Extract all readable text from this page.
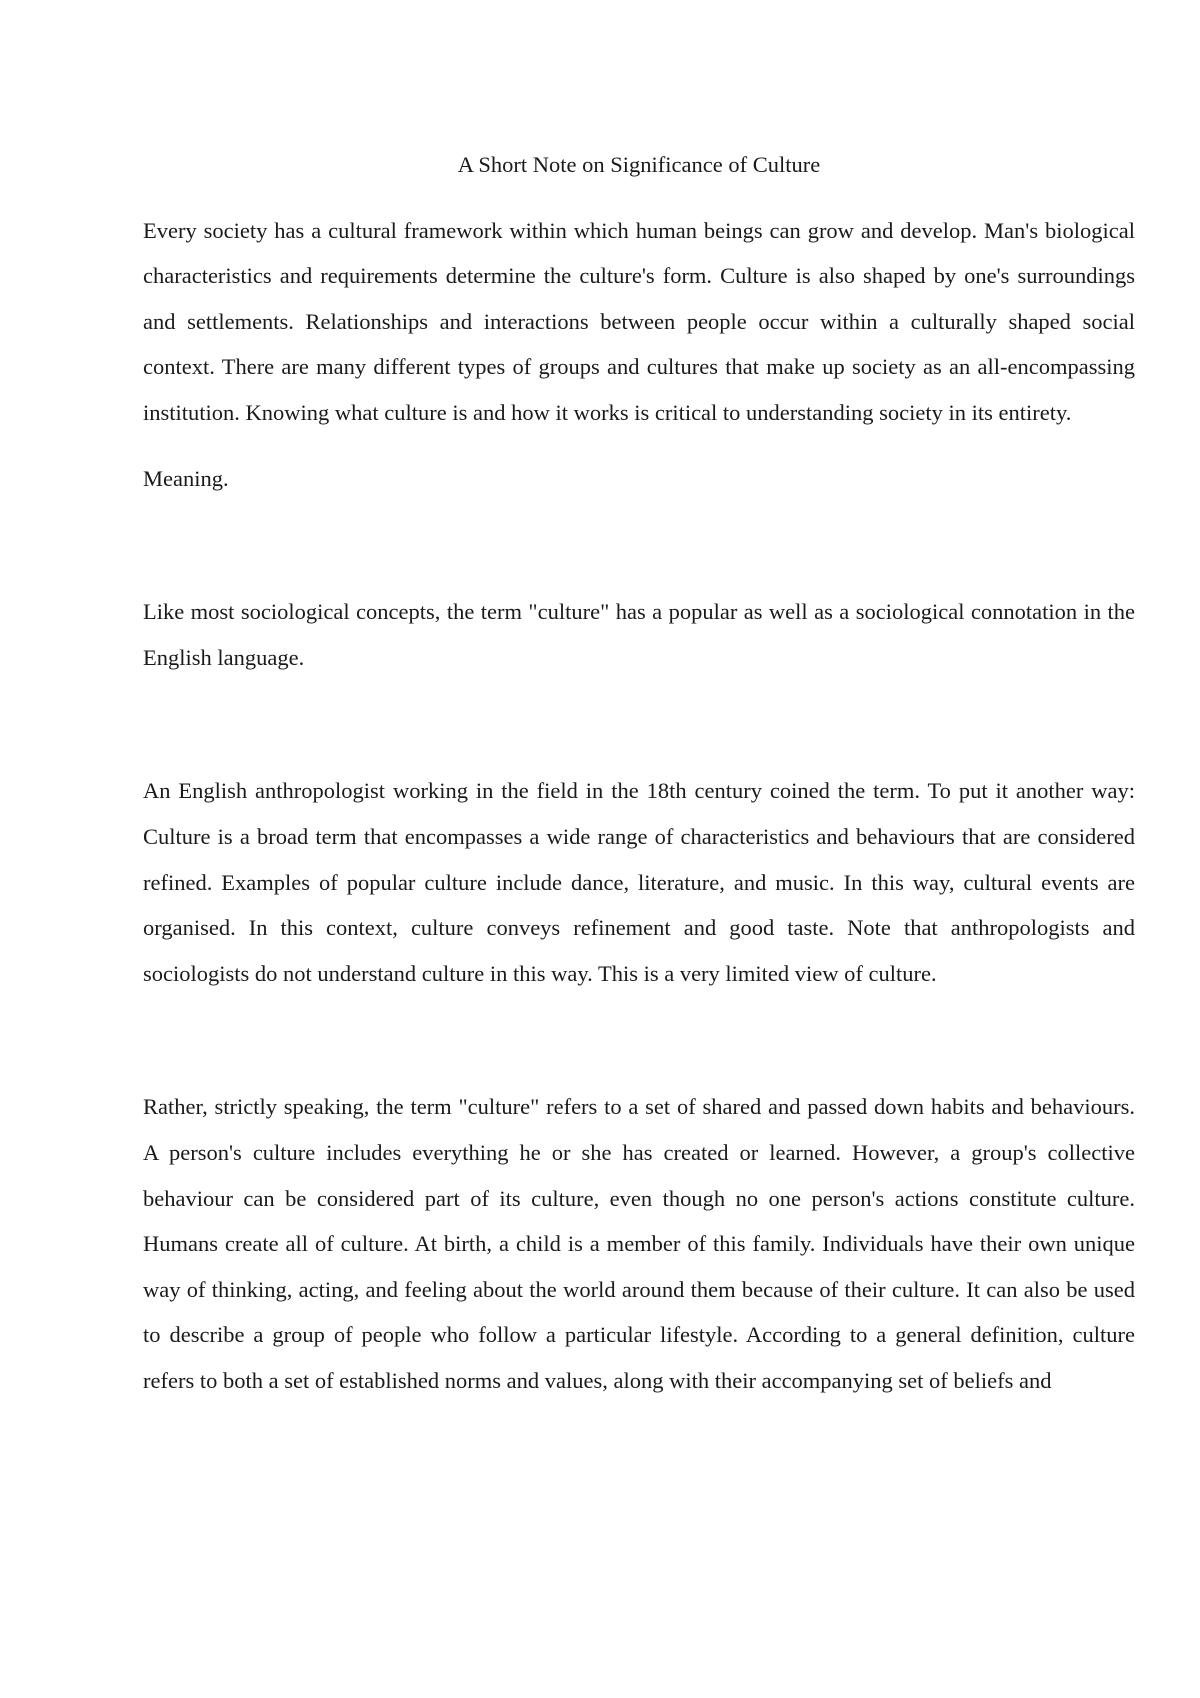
A Short Note on Significance of Culture

Every society has a cultural framework within which human beings can grow and develop. Man's biological characteristics and requirements determine the culture's form. Culture is also shaped by one's surroundings and settlements. Relationships and interactions between people occur within a culturally shaped social context. There are many different types of groups and cultures that make up society as an all-encompassing institution. Knowing what culture is and how it works is critical to understanding society in its entirety.

Meaning.

Like most sociological concepts, the term "culture" has a popular as well as a sociological connotation in the English language.

An English anthropologist working in the field in the 18th century coined the term. To put it another way: Culture is a broad term that encompasses a wide range of characteristics and behaviours that are considered refined. Examples of popular culture include dance, literature, and music. In this way, cultural events are organised. In this context, culture conveys refinement and good taste. Note that anthropologists and sociologists do not understand culture in this way. This is a very limited view of culture.

Rather, strictly speaking, the term "culture" refers to a set of shared and passed down habits and behaviours. A person's culture includes everything he or she has created or learned. However, a group's collective behaviour can be considered part of its culture, even though no one person's actions constitute culture. Humans create all of culture. At birth, a child is a member of this family. Individuals have their own unique way of thinking, acting, and feeling about the world around them because of their culture. It can also be used to describe a group of people who follow a particular lifestyle. According to a general definition, culture refers to both a set of established norms and values, along with their accompanying set of beliefs and
